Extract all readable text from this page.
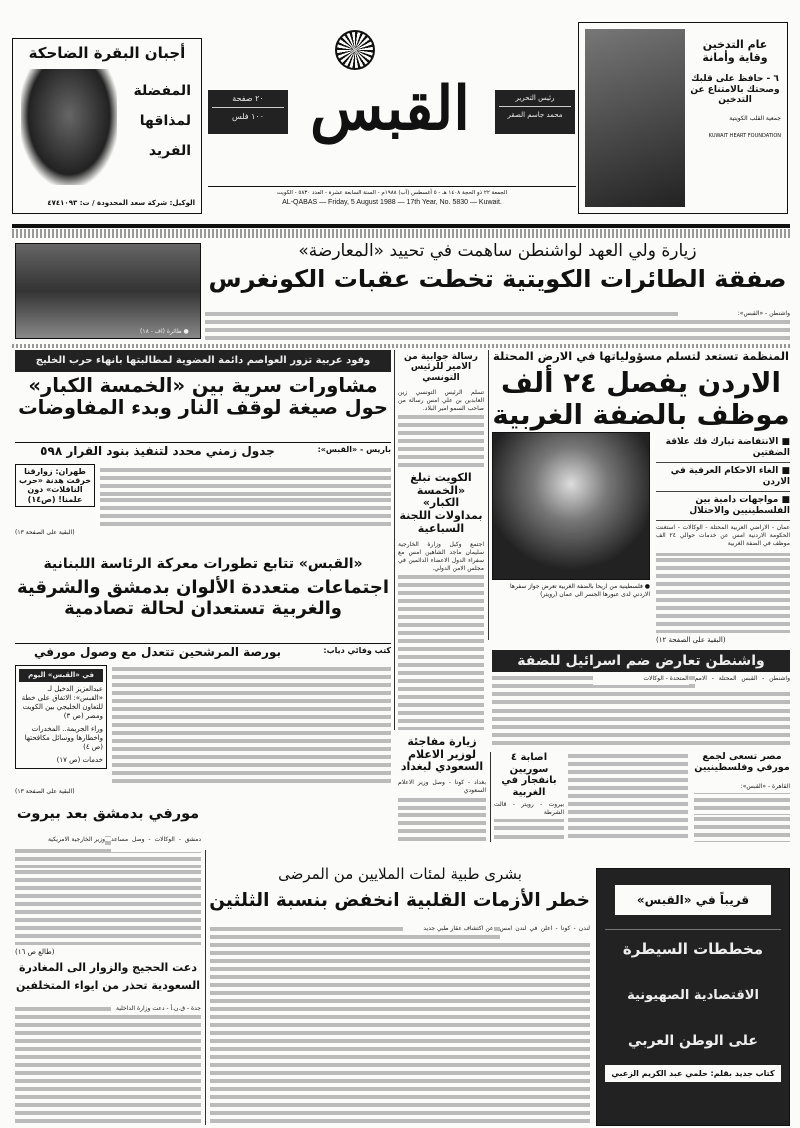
أجبان البقرة الضاحكة
المفضلة
لمذاقها
الفريد
الوكيل: شركة سعد المحدودة / ت: ٤٧٤١٠٩٣
٢٠ صفحة
١٠٠ فلس القبس	رئيس التحرير
محمد جاسم الصقر
الجمعة ٢٢ ذو الحجة ١٤٠٨ هـ - ٥ أغسطس (آب) ١٩٨٨م - السنة السابعة عشرة - العدد ٥٨٣٠ - الكويت
AL-QABAS — Friday, 5 August 1988 — 17th Year, No. 5830 — Kuwait.
عام التدخين وقاية وأمانة
٦ - حافظ على قلبك وصحتك بالامتناع عن التدخين
جمعية القلب الكويتية
KUWAIT HEART FOUNDATION
● طائرة (اف - ١٨)
زيارة ولي العهد لواشنطن ساهمت في تحييد «المعارضة»
صفقة الطائرات الكويتية تخطت عقبات الكونغرس
واشنطن - «القبس»:
المنظمة تستعد لتسلم مسؤولياتها في الارض المحتلة
الاردن يفصل ٢٤ ألف موظف بالضفة الغربية
● فلسطينية من اريحا بالضفة الغربية تعرض جواز سفرها الاردني لدى عبورها الجسر الى عمان (رويتر)
■ الانتفاضة تبارك فك علاقة الضفتين
■ الغاء الاحكام العرفية في الاردن
■ مواجهات دامية بين الفلسطينيين والاحتلال
عمان - الاراضي العربية المحتلة - الوكالات - استغنت الحكومة الاردنية امس عن خدمات حوالي ٢٤ الف موظف في الضفة الغربية
(البقية على الصفحة ١٢)
رسالة جوابية من الامير للرئيس التونسي
تسلم الرئيس التونسي زين العابدين بن علي امس رسالة من صاحب السمو امير البلاد.
الكويت تبلغ «الخمسة الكبار» بمداولات اللجنة السباعية
اجتمع وكيل وزارة الخارجية سليمان ماجد الشاهين امس مع سفراء الدول الاعضاء الدائمين في مجلس الامن الدولي.
وفود عربية تزور العواصم دائمة العضوية لمطالبتها بانهاء حرب الخليج
مشاورات سرية بين «الخمسة الكبار» حول صيغة لوقف النار وبدء المفاوضات
باريس - «القبس»:
جدول زمني محدد لتنفيذ بنود القرار ٥٩٨
طهران: زوارقنا خرقت هدنة «حرب الناقلات» دون علمنا! (ص١٤)
(البقية على الصفحة ١٣)
«القبس» تتابع تطورات معركة الرئاسة اللبنانية
اجتماعات متعددة الألوان بدمشق والشرقية والغربية تستعدان لحالة تصادمية
كتب وفائي دياب:
بورصة المرشحين تتعدل مع وصول مورفي
في «القبس» اليوم
عبدالعزيز الدخيل لـ «القبس»: الاتفاق على خطة للتعاون الخليجي بين الكويت ومصر (ص ٣)
وراء الجريمة.. المخدرات واخطارها ووسائل مكافحتها (ص ٤)
خدمات (ص ١٧)
(البقية على الصفحة ١٣)
مورفي بدمشق بعد بيروت
دمشق - الوكالات - وصل مساعد وزير الخارجية الامريكية
(طالع ص ١٦)
زيارة مفاجئة لوزير الاعلام السعودي لبغداد
بغداد - كونا - وصل وزير الاعلام السعودي
اصابة ٤ سوريين بانفجار في الغربية
بيروت - رويتر - قالت الشرطة
واشنطن تعارض ضم اسرائيل للضفة
واشنطن - القبس المحتلة - الامم المتحدة - الوكالات
مصر تسعى لجمع مورفي وفلسطينيين
القاهرة - «القبس»:
بشرى طبية لمئات الملايين من المرضى
خطر الأزمات القلبية انخفض بنسبة الثلثين
لندن - كونا - اعلن في لندن امس عن اكتشاف عقار طبي جديد
دعت الحجيج والزوار الى المغادرة
السعودية تحذر من ايواء المتخلفين
جدة - ق.ن.أ - دعت وزارة الداخلية
قريباً في «القبس»
مخططات السيطرة
الاقتصادية الصهيونية
على الوطن العربي
كتاب جديد بقلم: حلمي عبد الكريم الزعبي
